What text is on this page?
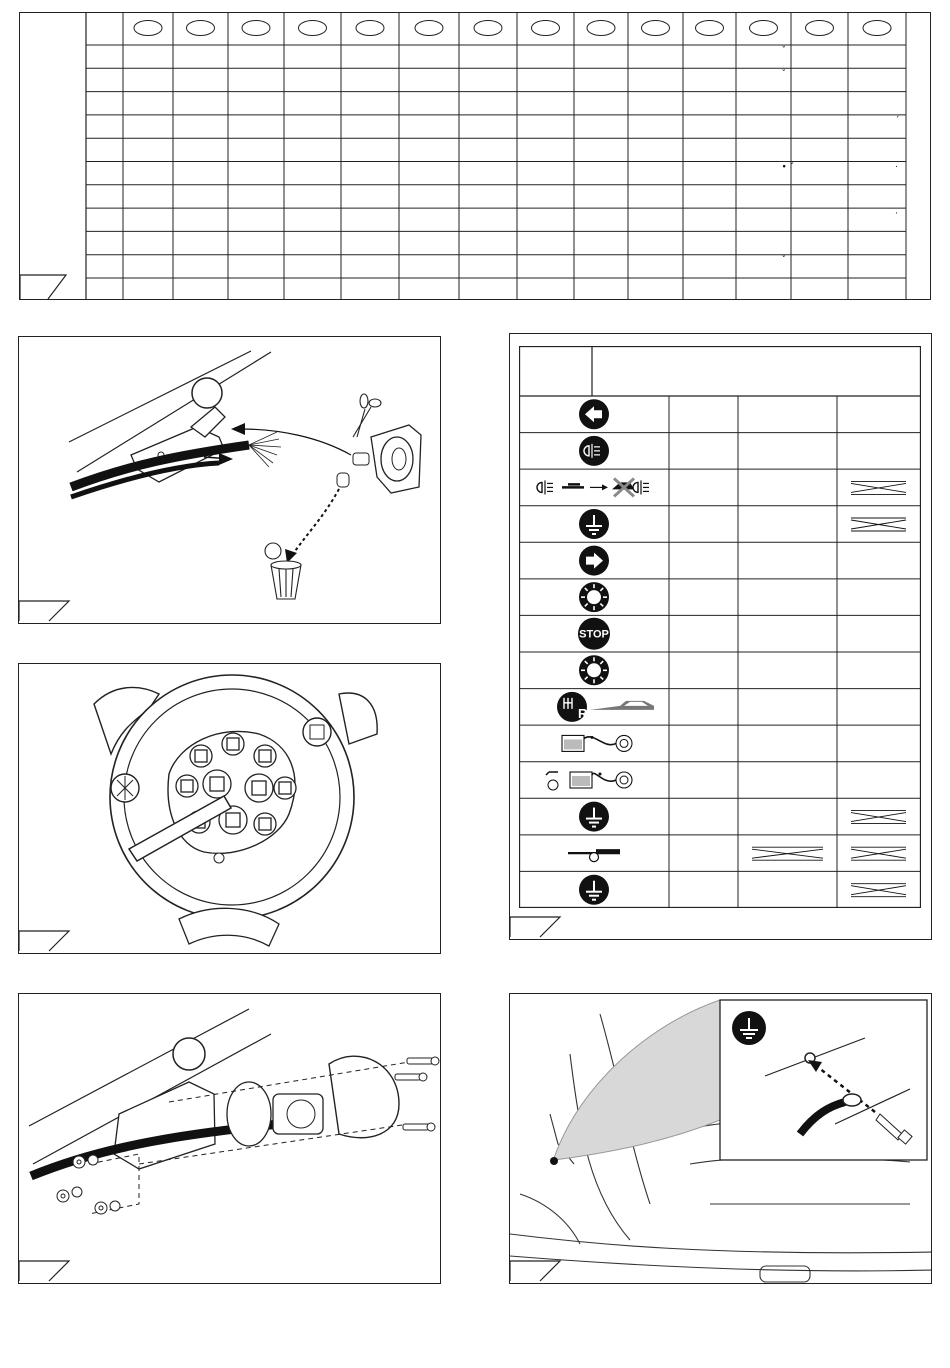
ˇ
ˇ
ˊ
• ˇ	·
·
ˇ
STOP
R
